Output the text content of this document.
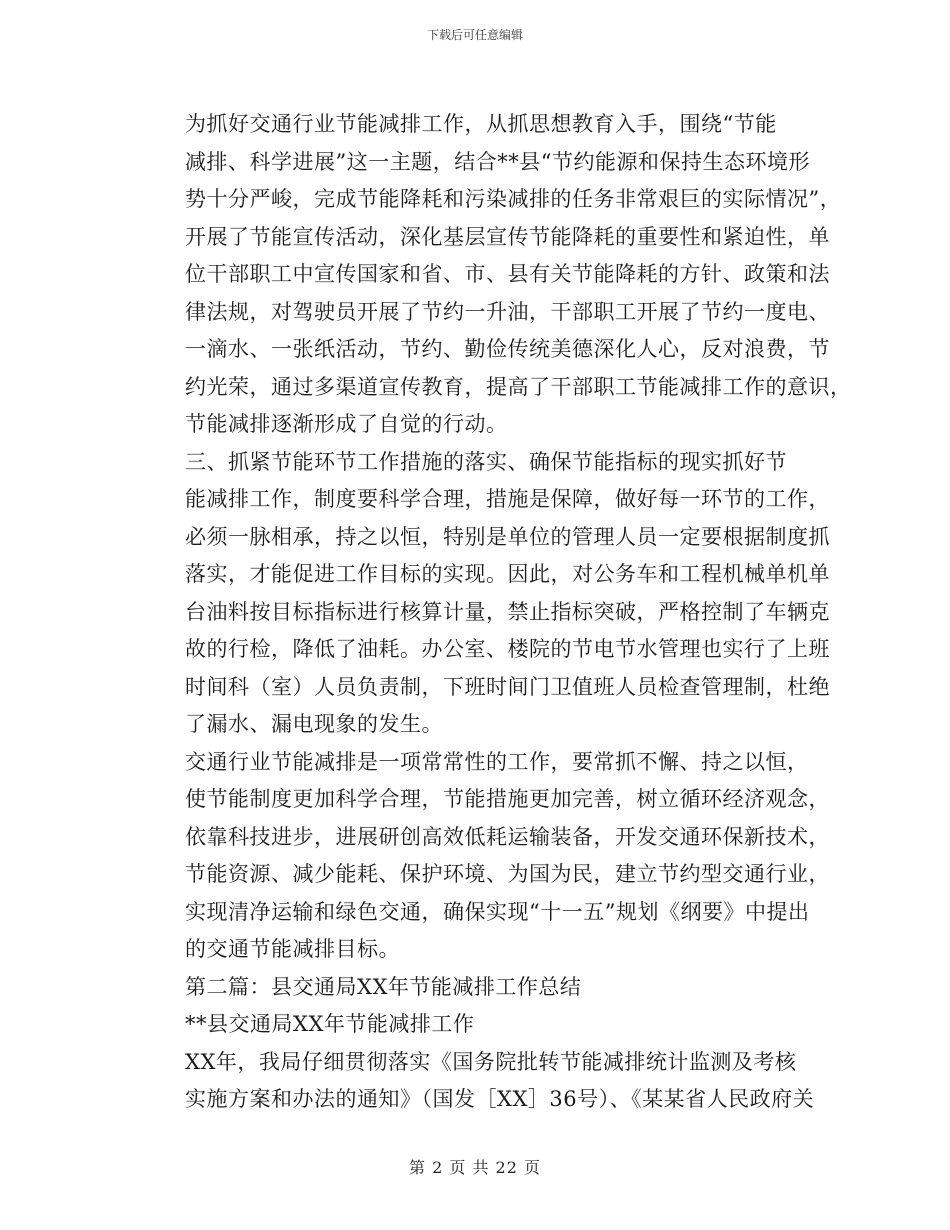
下载后可任意编辑

为抓好交通行业节能减排工作，从抓思想教育入手，围绕“节能
减排、科学进展”这一主题，结合**县“节约能源和保持生态环境形
势十分严峻，完成节能降耗和污染减排的任务非常艰巨的实际情况”，
开展了节能宣传活动，深化基层宣传节能降耗的重要性和紧迫性，单
位干部职工中宣传国家和省、市、县有关节能降耗的方针、政策和法
律法规，对驾驶员开展了节约一升油，干部职工开展了节约一度电、
一滴水、一张纸活动，节约、勤俭传统美德深化人心，反对浪费，节
约光荣，通过多渠道宣传教育，提高了干部职工节能减排工作的意识，
节能减排逐渐形成了自觉的行动。

三、抓紧节能环节工作措施的落实、确保节能指标的现实抓好节
能减排工作，制度要科学合理，措施是保障，做好每一环节的工作，
必须一脉相承，持之以恒，特别是单位的管理人员一定要根据制度抓
落实，才能促进工作目标的实现。因此，对公务车和工程机械单机单
台油料按目标指标进行核算计量，禁止指标突破，严格控制了车辆克
故的行检，降低了油耗。办公室、楼院的节电节水管理也实行了上班
时间科（室）人员负责制，下班时间门卫值班人员检查管理制，杜绝
了漏水、漏电现象的发生。

交通行业节能减排是一项常常性的工作，要常抓不懈、持之以恒，
使节能制度更加科学合理，节能措施更加完善，树立循环经济观念，
依靠科技进步，进展研创高效低耗运输装备，开发交通环保新技术，
节能资源、减少能耗、保护环境、为国为民，建立节约型交通行业，
实现清净运输和绿色交通，确保实现“十一五”规划《纲要》中提出
的交通节能减排目标。

第二篇：县交通局XX年节能减排工作总结

**县交通局XX年节能减排工作

XX年，我局仔细贯彻落实《国务院批转节能减排统计监测及考核
实施方案和办法的通知》（国发［XX］36号）、《某某省人民政府关

第 2 页 共 22 页
